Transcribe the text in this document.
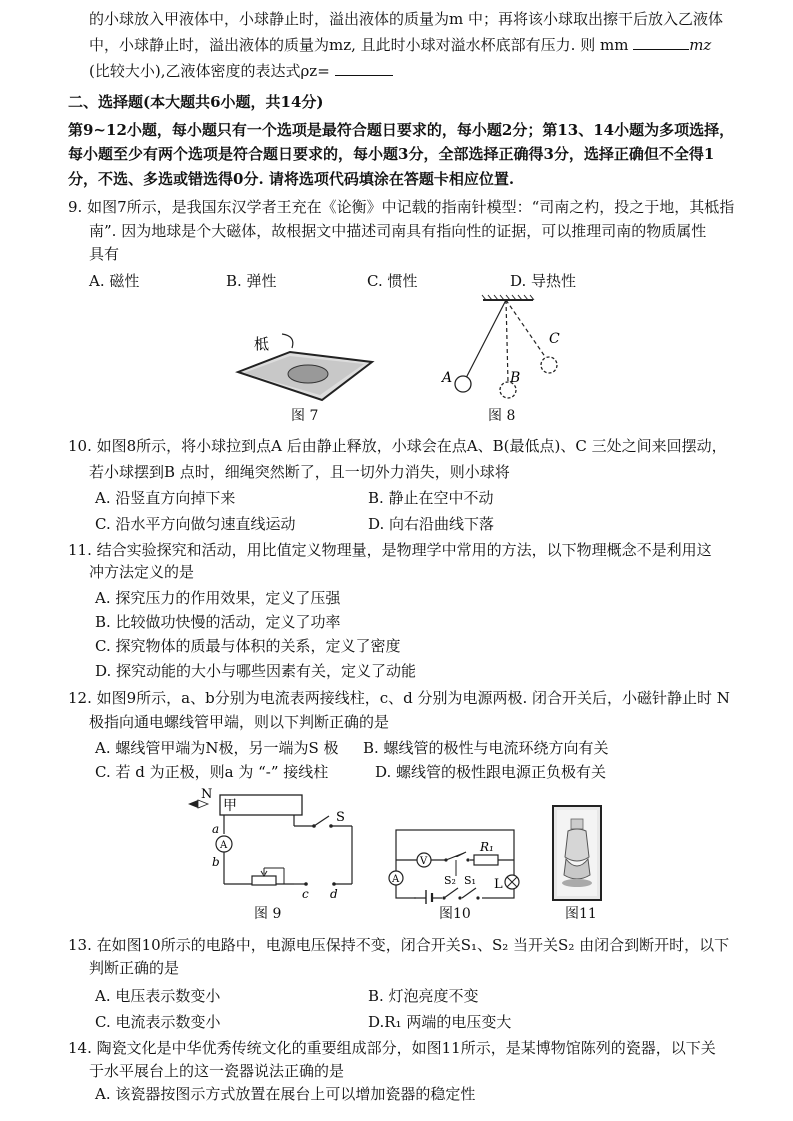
的小球放入甲液体中，小球静止时，溢出液体的质量为m 中；再将该小球取出擦干后放入乙液体
中，小球静止时，溢出液体的质量为mz, 且此时小球对溢水杯底部有压力. 则 mm	mz
(比较大小),乙液体密度的表达式ρz=
二、选择题(本大题共6小题，共14分)
第9~12小题，每小题只有一个选项是最符合题日要求的，每小题2分；第13、14小题为多项选择，
每小题至少有两个选项是符合题日要求的，每小题3分，全部选择正确得3分，选择正确但不全得1
分，不选、多选或错选得0分. 请将选项代码填涂在答题卡相应位置.
9. 如图7所示，是我国东汉学者王充在《论衡》中记载的指南针模型：“司南之杓，投之于地，其柢指
南”. 因为地球是个大磁体，故根据文中描述司南具有指向性的证据，可以推理司南的物质属性
具有
A. 磁性	B. 弹性	C. 惯性	D. 导热性
柢
图 7
A	B
C
图 8
10. 如图8所示，将小球拉到点A 后由静止释放，小球会在点A、B(最低点)、C 三处之间来回摆动，
若小球摆到B 点时，细绳突然断了，且一切外力消失，则小球将
A. 沿竖直方向掉下来	B. 静止在空中不动
C. 沿水平方向做匀速直线运动	D. 向右沿曲线下落
11. 结合实验探究和活动，用比值定义物理量，是物理学中常用的方法，以下物理概念不是利用这
冲方法定义的是
A. 探究压力的作用效果，定义了压强
B. 比较做功快慢的活动，定义了功率
C. 探究物体的质最与体积的关系，定义了密度
D. 探究动能的大小与哪些因素有关，定义了动能
12. 如图9所示，a、b分别为电流表两接线柱，c、d 分别为电源两极. 闭合开关后，小磁针静止时 N
极指向通电螺线管甲端，则以下判断正确的是
A. 螺线管甲端为N极，另一端为S 极 B. 螺线管的极性与电流环绕方向有关
C. 若 d 为正极，则a 为 “-” 接线柱	D. 螺线管的极性跟电源正负极有关
N
甲
S
a
A
b
c d
图 9
V
R₁
A	S₂ S₁ L
图10	图11
13. 在如图10所示的电路中，电源电压保持不变，闭合开关S₁、S₂ 当开关S₂ 由闭合到断开时，以下
判断正确的是
A. 电压表示数变小	B. 灯泡亮度不变
C. 电流表示数变小	D.R₁ 两端的电压变大
14. 陶瓷文化是中华优秀传统文化的重要组成部分，如图11所示，是某博物馆陈列的瓷器，以下关
于水平展台上的这一瓷器说法正确的是
A. 该瓷器按图示方式放置在展台上可以增加瓷器的稳定性
